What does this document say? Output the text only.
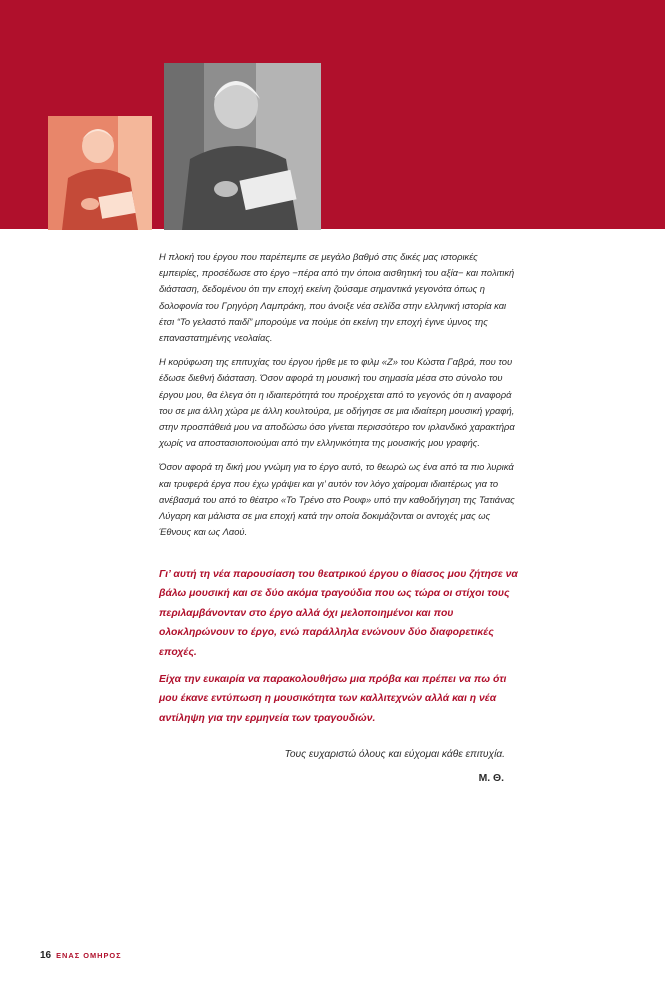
Η πλοκή του έργου που παρέπεμπε σε μεγάλο βαθμό στις δικές μας ιστορικές εμπειρίες, προσέδωσε στο έργο −πέρα από την όποια αισθητική του αξία− και πολιτική διάσταση, δεδομένου ότι την εποχή εκείνη ζούσαμε σημαντικά γεγονότα όπως η δολοφονία του Γρηγόρη Λαμπράκη, που άνοιξε νέα σελίδα στην ελληνική ιστορία και έτσι “Το γελαστό παιδί” μπορούμε να πούμε ότι εκείνη την εποχή έγινε ύμνος της επαναστατημένης νεολαίας.

Η κορύφωση της επιτυχίας του έργου ήρθε με το φιλμ «Ζ» του Κώστα Γαβρά, που του έδωσε διεθνή διάσταση. Όσον αφορά τη μουσική του σημασία μέσα στο σύνολο του έργου μου, θα έλεγα ότι η ιδιαιτερότητά του προέρχεται από το γεγονός ότι η αναφορά του σε μια άλλη χώρα με άλλη κουλτούρα, με οδήγησε σε μια ιδιαίτερη μουσική γραφή, στην προσπάθειά μου να αποδώσω όσο γίνεται περισσότερο τον ιρλανδικό χαρακτήρα χωρίς να αποστασιοποιούμαι από την ελληνικότητα της μουσικής μου γραφής.

Όσον αφορά τη δική μου γνώμη για το έργο αυτό, το θεωρώ ως ένα από τα πιο λυρικά και τρυφερά έργα που έχω γράψει και γι’ αυτόν τον λόγο χαίρομαι ιδιαιτέρως για το ανέβασμά του από το θέατρο «Το Τρένο στο Ρουφ» υπό την καθοδήγηση της Τατιάνας Λύγαρη και μάλιστα σε μια εποχή κατά την οποία δοκιμάζονται οι αντοχές μας ως Έθνους και ως Λαού.

Γι’ αυτή τη νέα παρουσίαση του θεατρικού έργου ο θίασος μου ζήτησε να βάλω μουσική και σε δύο ακόμα τραγούδια που ως τώρα οι στίχοι τους περιλαμβάνονταν στο έργο αλλά όχι μελοποιημένοι και που ολοκληρώνουν το έργο, ενώ παράλληλα ενώνουν δύο διαφορετικές εποχές.

Είχα την ευκαιρία να παρακολουθήσω μια πρόβα και πρέπει να πω ότι μου έκανε εντύπωση η μουσικότητα των καλλιτεχνών αλλά και η νέα αντίληψη για την ερμηνεία των τραγουδιών.

Τους ευχαριστώ όλους και εύχομαι κάθε επιτυχία.
Μ. Θ.
16 ΕΝΑΣ ΟΜΗΡΟΣ
